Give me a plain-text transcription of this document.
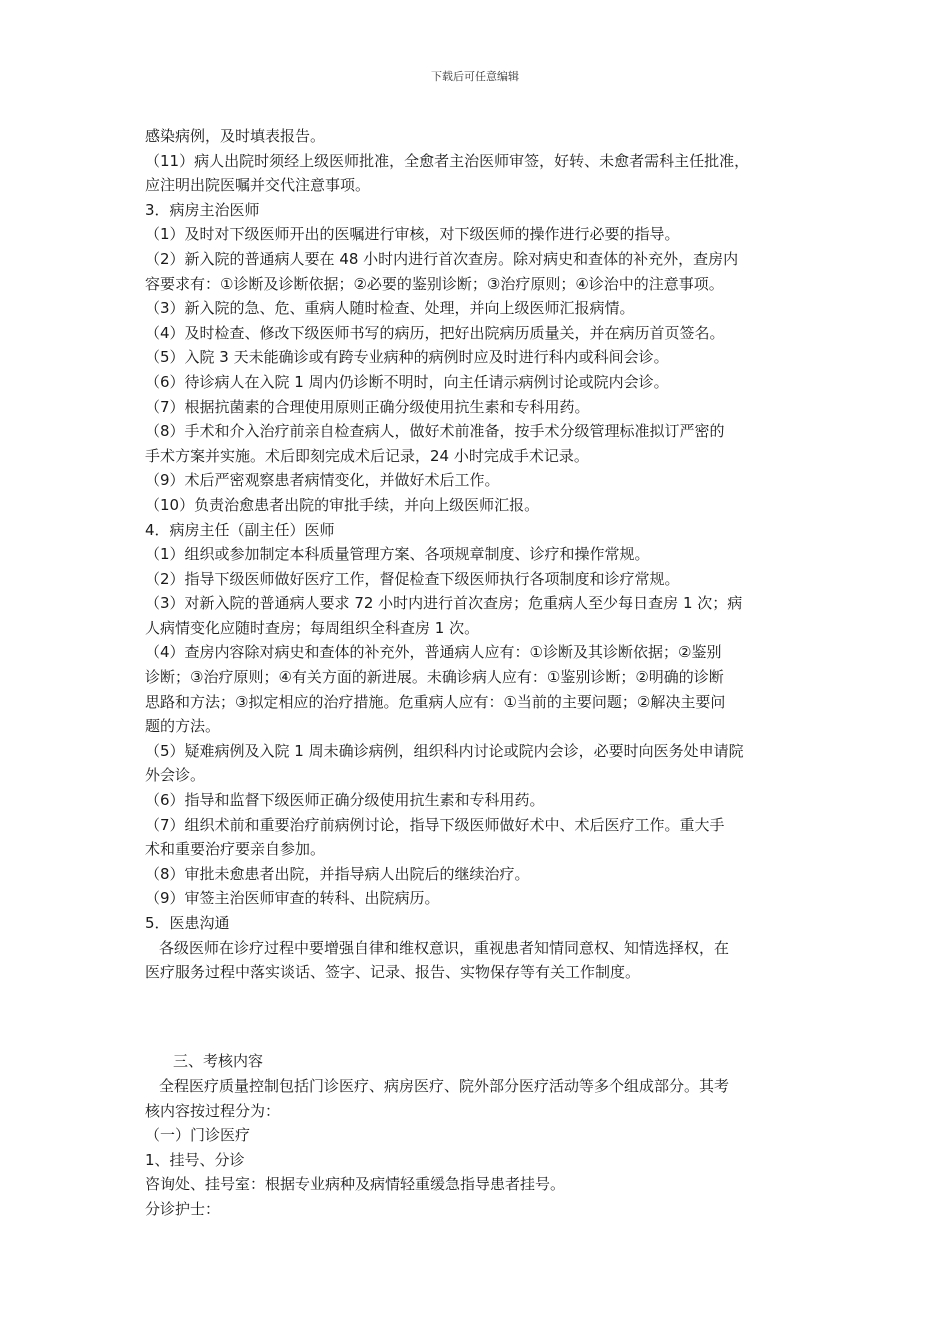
下载后可任意编辑
感染病例，及时填表报告。
（11）病人出院时须经上级医师批准，全愈者主治医师审签，好转、未愈者需科主任批准，
应注明出院医嘱并交代注意事项。
3．病房主治医师
（1）及时对下级医师开出的医嘱进行审核，对下级医师的操作进行必要的指导。
（2）新入院的普通病人要在 48 小时内进行首次查房。除对病史和查体的补充外，查房内
容要求有：①诊断及诊断依据；②必要的鉴别诊断；③治疗原则；④诊治中的注意事项。
（3）新入院的急、危、重病人随时检查、处理，并向上级医师汇报病情。
（4）及时检查、修改下级医师书写的病历，把好出院病历质量关，并在病历首页签名。
（5）入院 3 天未能确诊或有跨专业病种的病例时应及时进行科内或科间会诊。
（6）待诊病人在入院 1 周内仍诊断不明时，向主任请示病例讨论或院内会诊。
（7）根据抗菌素的合理使用原则正确分级使用抗生素和专科用药。
（8）手术和介入治疗前亲自检查病人，做好术前准备，按手术分级管理标准拟订严密的
手术方案并实施。术后即刻完成术后记录，24 小时完成手术记录。
（9）术后严密观察患者病情变化，并做好术后工作。
（10）负责治愈患者出院的审批手续，并向上级医师汇报。
4．病房主任（副主任）医师
（1）组织或参加制定本科质量管理方案、各项规章制度、诊疗和操作常规。
（2）指导下级医师做好医疗工作，督促检查下级医师执行各项制度和诊疗常规。
（3）对新入院的普通病人要求 72 小时内进行首次查房；危重病人至少每日查房 1 次；病
人病情变化应随时查房；每周组织全科查房 1 次。
（4）查房内容除对病史和查体的补充外，普通病人应有：①诊断及其诊断依据；②鉴别
诊断；③治疗原则；④有关方面的新进展。未确诊病人应有：①鉴别诊断；②明确的诊断
思路和方法；③拟定相应的治疗措施。危重病人应有：①当前的主要问题；②解决主要问
题的方法。
（5）疑难病例及入院 1 周未确诊病例，组织科内讨论或院内会诊，必要时向医务处申请院
外会诊。
（6）指导和监督下级医师正确分级使用抗生素和专科用药。
（7）组织术前和重要治疗前病例讨论，指导下级医师做好术中、术后医疗工作。重大手
术和重要治疗要亲自参加。
（8）审批未愈患者出院，并指导病人出院后的继续治疗。
（9）审签主治医师审查的转科、出院病历。
5．医患沟通
各级医师在诊疗过程中要增强自律和维权意识，重视患者知情同意权、知情选择权，在
医疗服务过程中落实谈话、签字、记录、报告、实物保存等有关工作制度。
三、考核内容
全程医疗质量控制包括门诊医疗、病房医疗、院外部分医疗活动等多个组成部分。其考
核内容按过程分为：
（一）门诊医疗
1、挂号、分诊
咨询处、挂号室：根据专业病种及病情轻重缓急指导患者挂号。
分诊护士：
